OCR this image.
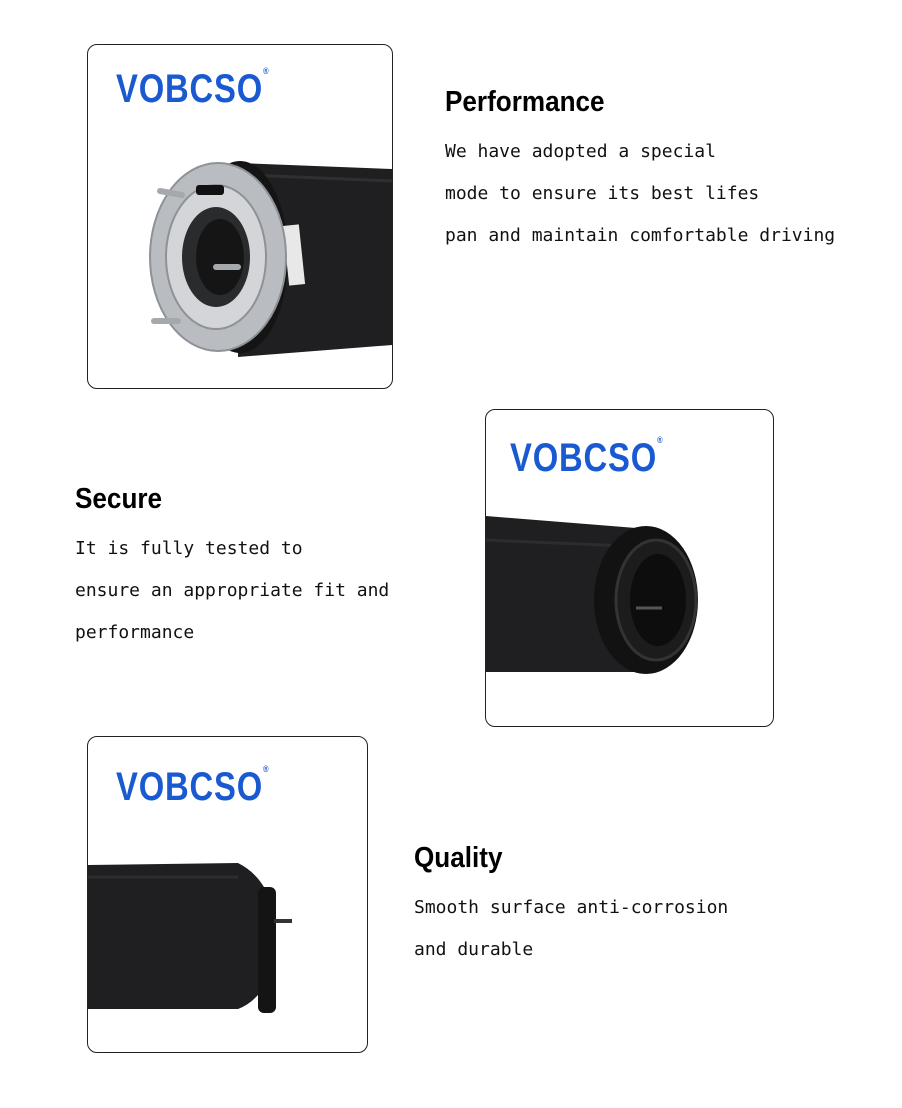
VOBCSO®
Performance

We have adopted a special
mode to ensure its best lifes
pan and maintain comfortable driving

Secure

It is fully tested to
ensure an appropriate fit and
performance

VOBCSO®
VOBCSO®
Quality

Smooth surface anti-corrosion
and durable
